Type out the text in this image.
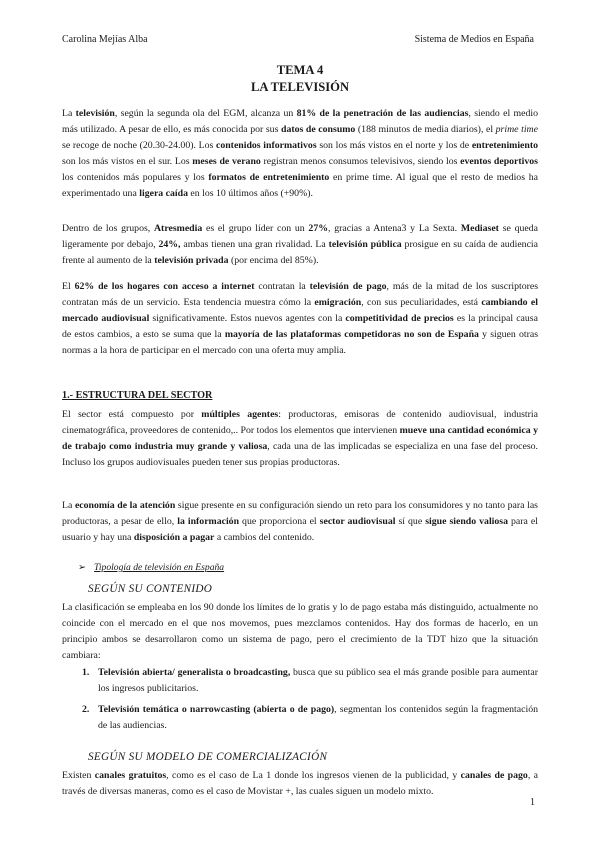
Carolina Mejías Alba	Sistema de Medios en España
TEMA 4
LA TELEVISIÓN

La televisión, según la segunda ola del EGM, alcanza un 81% de la penetración de las audiencias, siendo el medio más utilizado. A pesar de ello, es más conocida por sus datos de consumo (188 minutos de media diarios), el prime time se recoge de noche (20.30-24.00). Los contenidos informativos son los más vistos en el norte y los de entretenimiento son los más vistos en el sur. Los meses de verano registran menos consumos televisivos, siendo los eventos deportivos los contenidos más populares y los formatos de entretenimiento en prime time. Al igual que el resto de medios ha experimentado una ligera caída en los 10 últimos años (+90%).

Dentro de los grupos, Atresmedia es el grupo líder con un 27%, gracias a Antena3 y La Sexta. Mediaset se queda ligeramente por debajo, 24%, ambas tienen una gran rivalidad. La televisión pública prosigue en su caída de audiencia frente al aumento de la televisión privada (por encima del 85%).

El 62% de los hogares con acceso a internet contratan la televisión de pago, más de la mitad de los suscriptores contratan más de un servicio. Esta tendencia muestra cómo la emigración, con sus peculiaridades, está cambiando el mercado audiovisual significativamente. Estos nuevos agentes con la competitividad de precios es la principal causa de estos cambios, a esto se suma que la mayoría de las plataformas competidoras no son de España y siguen otras normas a la hora de participar en el mercado con una oferta muy amplia.

1.- ESTRUCTURA DEL SECTOR

El sector está compuesto por múltiples agentes: productoras, emisoras de contenido audiovisual, industria cinematográfica, proveedores de contenido,.. Por todos los elementos que intervienen mueve una cantidad económica y de trabajo como industria muy grande y valiosa, cada una de las implicadas se especializa en una fase del proceso. Incluso los grupos audiovisuales pueden tener sus propias productoras.

La economía de la atención sigue presente en su configuración siendo un reto para los consumidores y no tanto para las productoras, a pesar de ello, la información que proporciona el sector audiovisual sí que sigue siendo valiosa para el usuario y hay una disposición a pagar a cambios del contenido.

➢ Tipología de televisión en España
SEGÚN SU CONTENIDO

La clasificación se empleaba en los 90 donde los límites de lo gratis y lo de pago estaba más distinguido, actualmente no coincide con el mercado en el que nos movemos, pues mezclamos contenidos. Hay dos formas de hacerlo, en un principio ambos se desarrollaron como un sistema de pago, pero el crecimiento de la TDT hizo que la situación cambiara:

1. Televisión abierta/ generalista o broadcasting, busca que su público sea el más grande posible para aumentar los ingresos publicitarios.
2. Televisión temática o narrowcasting (abierta o de pago), segmentan los contenidos según la fragmentación de las audiencias.
SEGÚN SU MODELO DE COMERCIALIZACIÓN

Existen canales gratuitos, como es el caso de La 1 donde los ingresos vienen de la publicidad, y canales de pago, a través de diversas maneras, como es el caso de Movistar +, las cuales siguen un modelo mixto.

1
